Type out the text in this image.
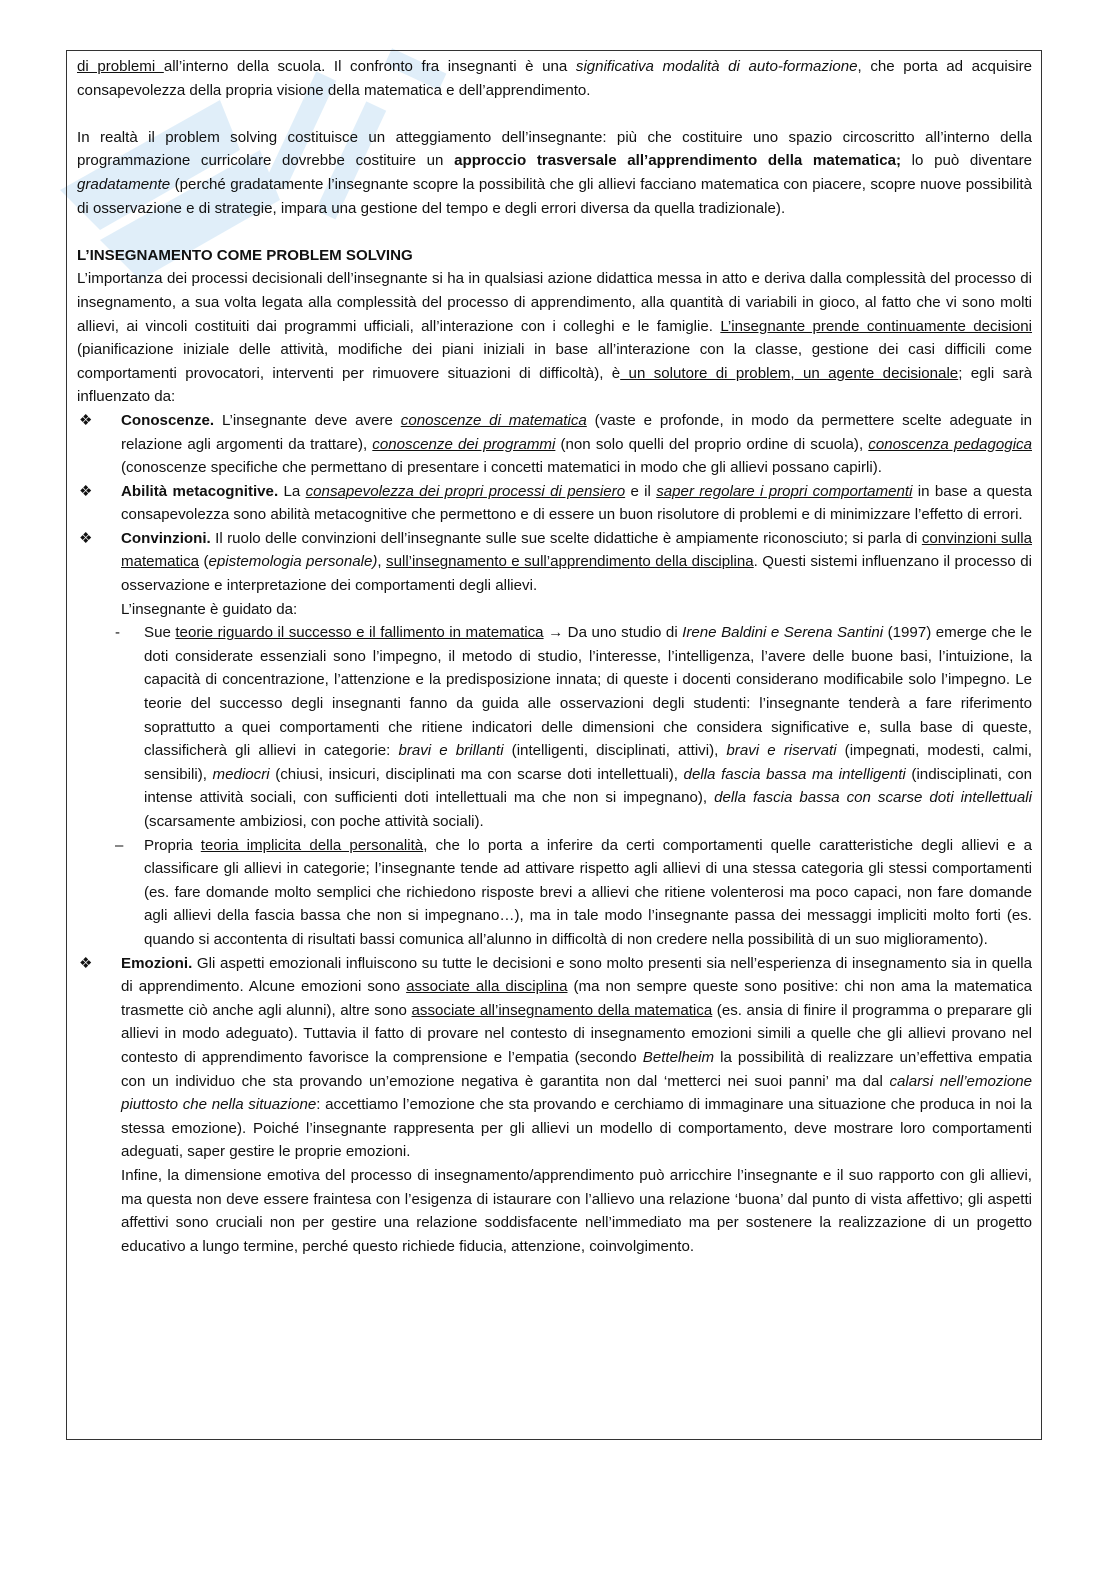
di problemi all’interno della scuola. Il confronto fra insegnanti è una significativa modalità di auto-formazione, che porta ad acquisire consapevolezza della propria visione della matematica e dell’apprendimento.

In realtà il problem solving costituisce un atteggiamento dell’insegnante: più che costituire uno spazio circoscritto all’interno della programmazione curricolare dovrebbe costituire un approccio trasversale all’apprendimento della matematica; lo può diventare gradatamente (perché gradatamente l’insegnante scopre la possibilità che gli allievi facciano matematica con piacere, scopre nuove possibilità di osservazione e di strategie, impara una gestione del tempo e degli errori diversa da quella tradizionale).

L’INSEGNAMENTO COME PROBLEM SOLVING

L’importanza dei processi decisionali dell’insegnante si ha in qualsiasi azione didattica messa in atto e deriva dalla complessità del processo di insegnamento, a sua volta legata alla complessità del processo di apprendimento, alla quantità di variabili in gioco, al fatto che vi sono molti allievi, ai vincoli costituiti dai programmi ufficiali, all’interazione con i colleghi e le famiglie. L’insegnante prende continuamente decisioni (pianificazione iniziale delle attività, modifiche dei piani iniziali in base all’interazione con la classe, gestione dei casi difficili come comportamenti provocatori, interventi per rimuovere situazioni di difficoltà), è un solutore di problem, un agente decisionale; egli sarà influenzato da:

❖ Conoscenze. L’insegnante deve avere conoscenze di matematica (vaste e profonde, in modo da permettere scelte adeguate in relazione agli argomenti da trattare), conoscenze dei programmi (non solo quelli del proprio ordine di scuola), conoscenza pedagogica (conoscenze specifiche che permettano di presentare i concetti matematici in modo che gli allievi possano capirli).

❖ Abilità metacognitive. La consapevolezza dei propri processi di pensiero e il saper regolare i propri comportamenti in base a questa consapevolezza sono abilità metacognitive che permettono e di essere un buon risolutore di problemi e di minimizzare l’effetto di errori.

❖ Convinzioni. Il ruolo delle convinzioni dell’insegnante sulle sue scelte didattiche è ampiamente riconosciuto; si parla di convinzioni sulla matematica (epistemologia personale), sull’insegnamento e sull’apprendimento della disciplina. Questi sistemi influenzano il processo di osservazione e interpretazione dei comportamenti degli allievi.

L’insegnante è guidato da:

- Sue teorie riguardo il successo e il fallimento in matematica → Da uno studio di Irene Baldini e Serena Santini (1997) emerge che le doti considerate essenziali sono l’impegno, il metodo di studio, l’interesse, l’intelligenza, l’avere delle buone basi, l’intuizione, la capacità di concentrazione, l’attenzione e la predisposizione innata; di queste i docenti considerano modificabile solo l’impegno. Le teorie del successo degli insegnanti fanno da guida alle osservazioni degli studenti: l’insegnante tenderà a fare riferimento soprattutto a quei comportamenti che ritiene indicatori delle dimensioni che considera significative e, sulla base di queste, classificherà gli allievi in categorie: bravi e brillanti (intelligenti, disciplinati, attivi), bravi e riservati (impegnati, modesti, calmi, sensibili), mediocri (chiusi, insicuri, disciplinati ma con scarse doti intellettuali), della fascia bassa ma intelligenti (indisciplinati, con intense attività sociali, con sufficienti doti intellettuali ma che non si impegnano), della fascia bassa con scarse doti intellettuali (scarsamente ambiziosi, con poche attività sociali).

– Propria teoria implicita della personalità, che lo porta a inferire da certi comportamenti quelle caratteristiche degli allievi e a classificare gli allievi in categorie; l’insegnante tende ad attivare rispetto agli allievi di una stessa categoria gli stessi comportamenti (es. fare domande molto semplici che richiedono risposte brevi a allievi che ritiene volenterosi ma poco capaci, non fare domande agli allievi della fascia bassa che non si impegnano…), ma in tale modo l’insegnante passa dei messaggi impliciti molto forti (es. quando si accontenta di risultati bassi comunica all’alunno in difficoltà di non credere nella possibilità di un suo miglioramento).

❖ Emozioni. Gli aspetti emozionali influiscono su tutte le decisioni e sono molto presenti sia nell’esperienza di insegnamento sia in quella di apprendimento. Alcune emozioni sono associate alla disciplina (ma non sempre queste sono positive: chi non ama la matematica trasmette ciò anche agli alunni), altre sono associate all’insegnamento della matematica (es. ansia di finire il programma o preparare gli allievi in modo adeguato). Tuttavia il fatto di provare nel contesto di insegnamento emozioni simili a quelle che gli allievi provano nel contesto di apprendimento favorisce la comprensione e l’empatia (secondo Bettelheim la possibilità di realizzare un’effettiva empatia con un individuo che sta provando un’emozione negativa è garantita non dal ‘metterci nei suoi panni’ ma dal calarsi nell’emozione piuttosto che nella situazione: accettiamo l’emozione che sta provando e cerchiamo di immaginare una situazione che produca in noi la stessa emozione). Poiché l’insegnante rappresenta per gli allievi un modello di comportamento, deve mostrare loro comportamenti adeguati, saper gestire le proprie emozioni.

Infine, la dimensione emotiva del processo di insegnamento/apprendimento può arricchire l’insegnante e il suo rapporto con gli allievi, ma questa non deve essere fraintesa con l’esigenza di istaurare con l’allievo una relazione ‘buona’ dal punto di vista affettivo; gli aspetti affettivi sono cruciali non per gestire una relazione soddisfacente nell’immediato ma per sostenere la realizzazione di un progetto educativo a lungo termine, perché questo richiede fiducia, attenzione, coinvolgimento.
